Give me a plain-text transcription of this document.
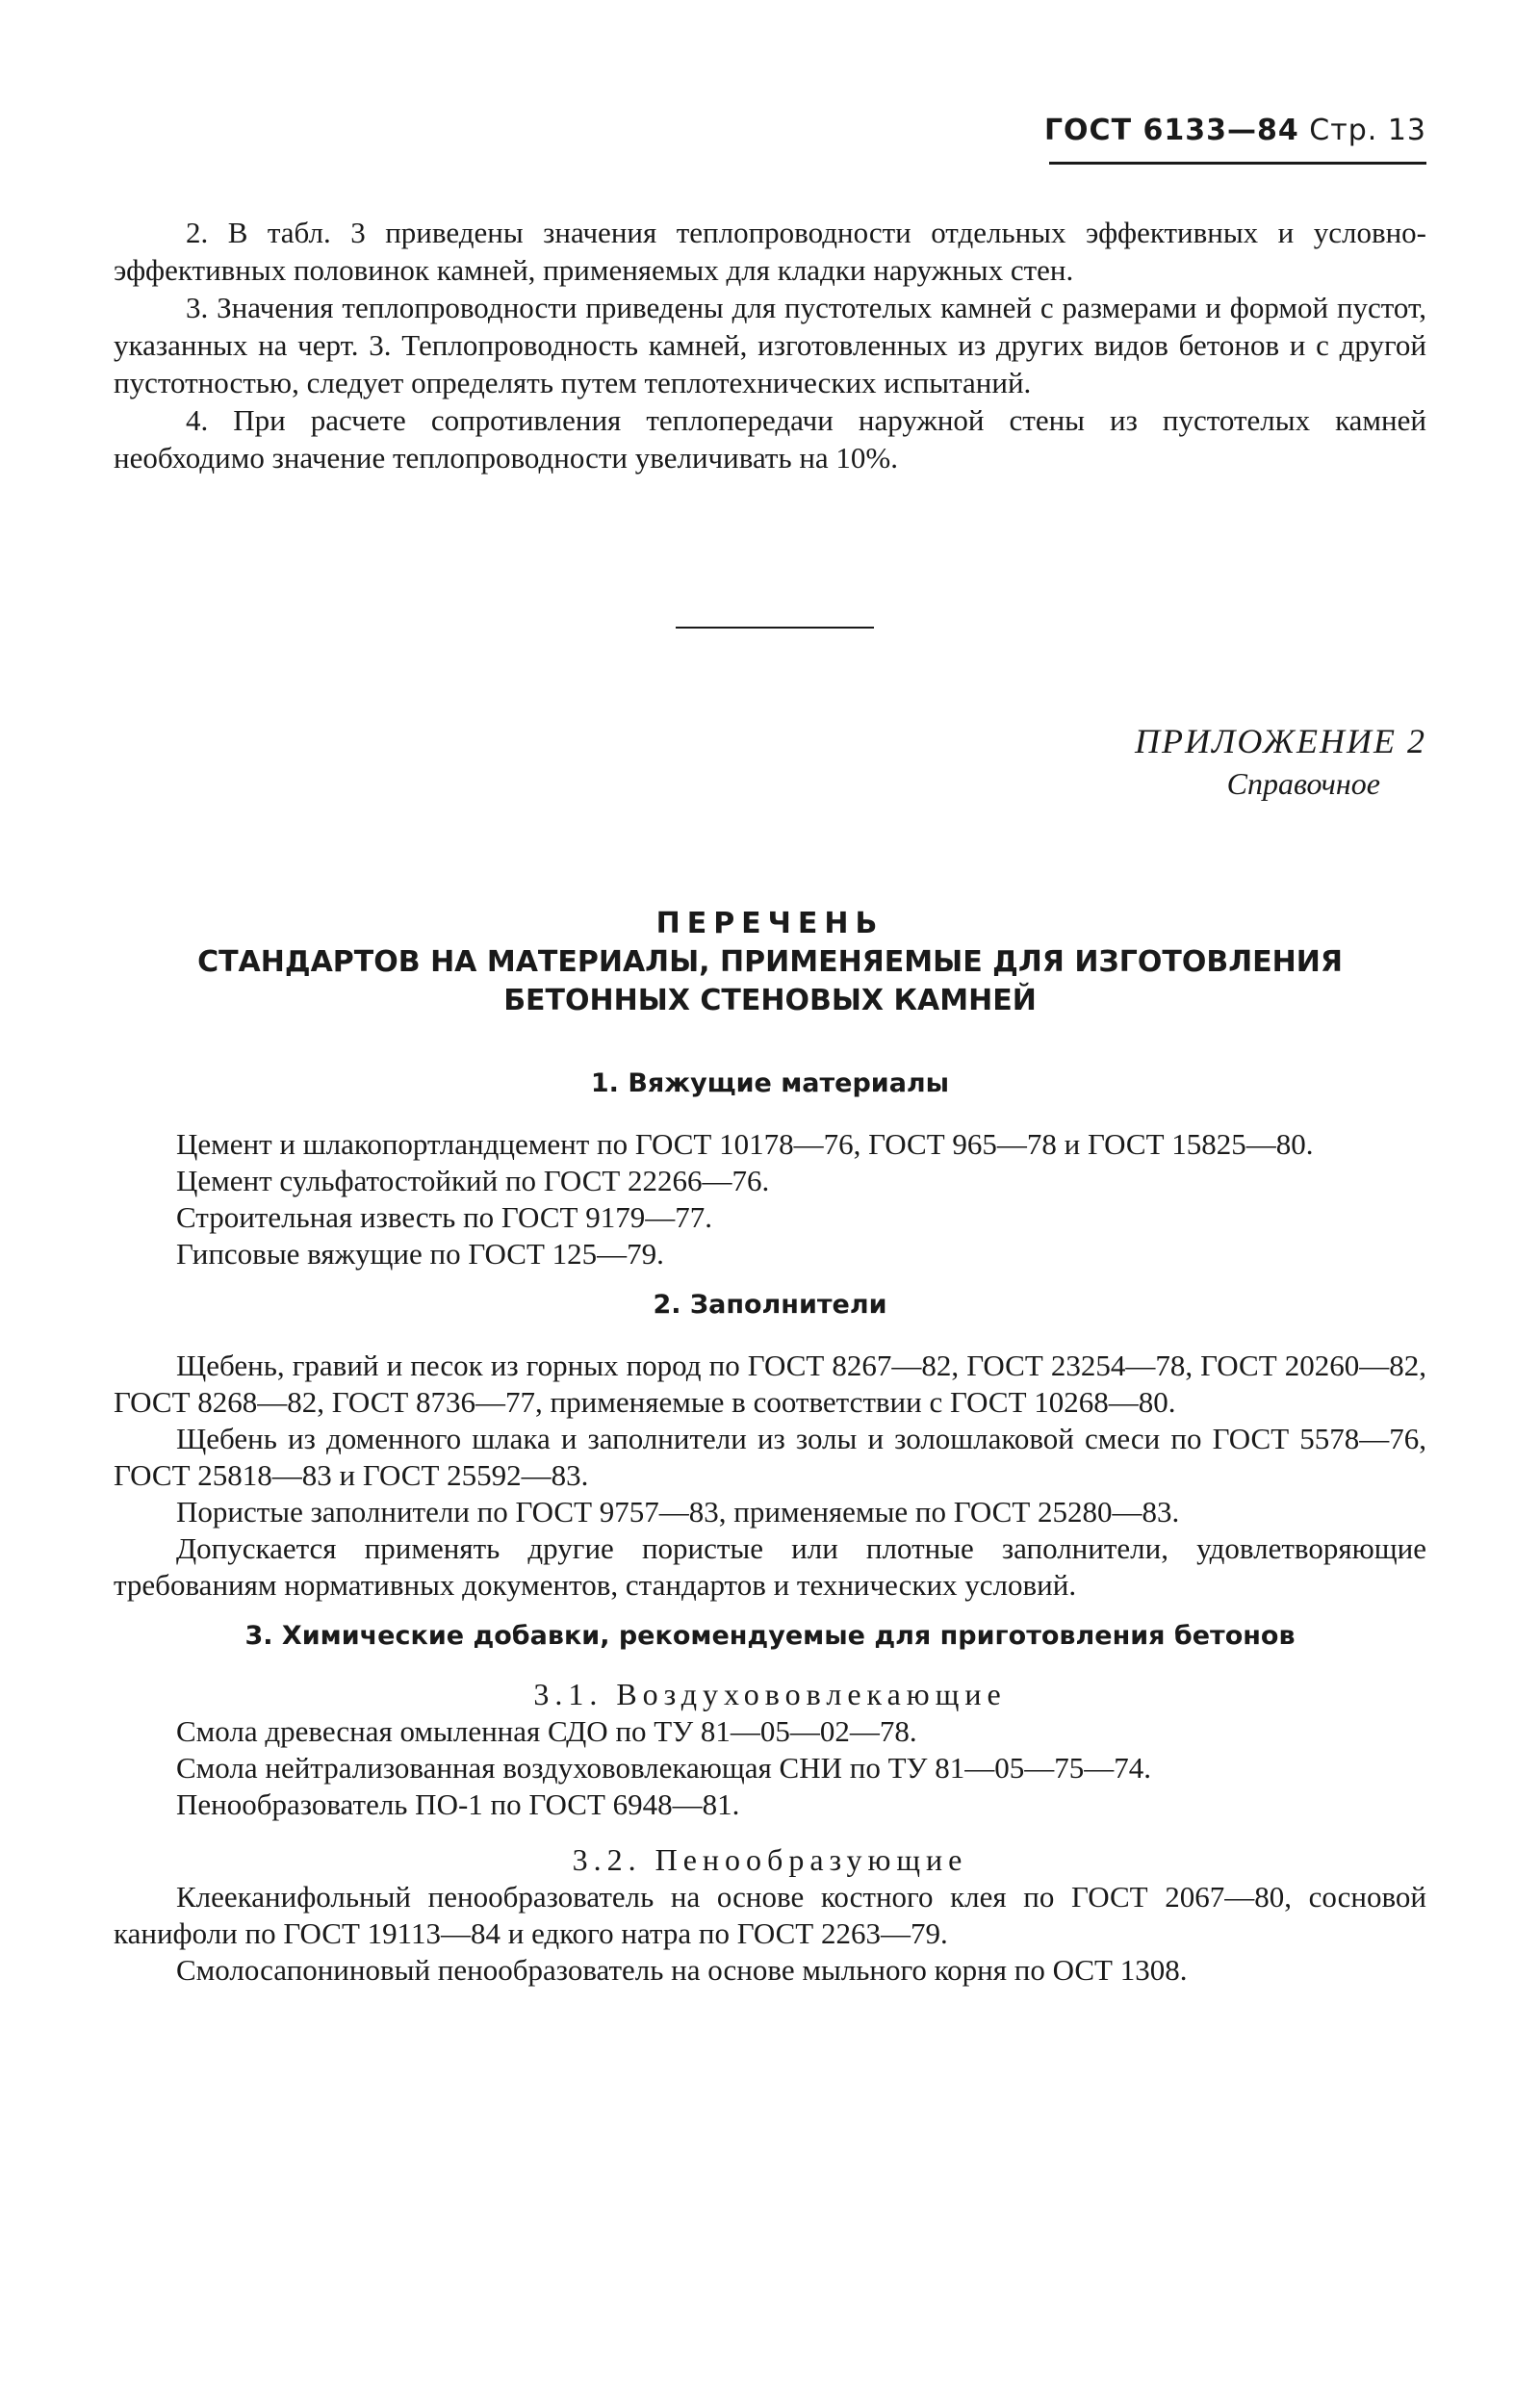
ГОСТ 6133—84 Стр. 13

2. В табл. 3 приведены значения теплопроводности отдельных эффективных и условно-эффективных половинок камней, применяемых для кладки наружных стен.

3. Значения теплопроводности приведены для пустотелых камней с размерами и формой пустот, указанных на черт. 3. Теплопроводность камней, изготовленных из других видов бетонов и с другой пустотностью, следует определять путем теплотехнических испытаний.

4. При расчете сопротивления теплопередачи наружной стены из пустотелых камней необходимо значение теплопроводности увеличивать на 10%.

ПРИЛОЖЕНИЕ 2
Справочное
ПЕРЕЧЕНЬ
СТАНДАРТОВ НА МАТЕРИАЛЫ, ПРИМЕНЯЕМЫЕ ДЛЯ ИЗГОТОВЛЕНИЯ
БЕТОННЫХ СТЕНОВЫХ КАМНЕЙ
1. Вяжущие материалы

Цемент и шлакопортландцемент по ГОСТ 10178—76, ГОСТ 965—78 и ГОСТ 15825—80.

Цемент сульфатостойкий по ГОСТ 22266—76.

Строительная известь по ГОСТ 9179—77.

Гипсовые вяжущие по ГОСТ 125—79.

2. Заполнители

Щебень, гравий и песок из горных пород по ГОСТ 8267—82, ГОСТ 23254—78, ГОСТ 20260—82, ГОСТ 8268—82, ГОСТ 8736—77, применяемые в соответствии с ГОСТ 10268—80.

Щебень из доменного шлака и заполнители из золы и золошлаковой смеси по ГОСТ 5578—76, ГОСТ 25818—83 и ГОСТ 25592—83.

Пористые заполнители по ГОСТ 9757—83, применяемые по ГОСТ 25280—83.

Допускается применять другие пористые или плотные заполнители, удовлетворяющие требованиям нормативных документов, стандартов и технических условий.

3. Химические добавки, рекомендуемые для приготовления бетонов
3.1. Воздухововлекающие

Смола древесная омыленная СДО по ТУ 81—05—02—78.

Смола нейтрализованная воздухововлекающая СНИ по ТУ 81—05—75—74.

Пенообразователь ПО-1 по ГОСТ 6948—81.

3.2. Пенообразующие

Клееканифольный пенообразователь на основе костного клея по ГОСТ 2067—80, сосновой канифоли по ГОСТ 19113—84 и едкого натра по ГОСТ 2263—79.

Смолосапониновый пенообразователь на основе мыльного корня по ОСТ 1308.
